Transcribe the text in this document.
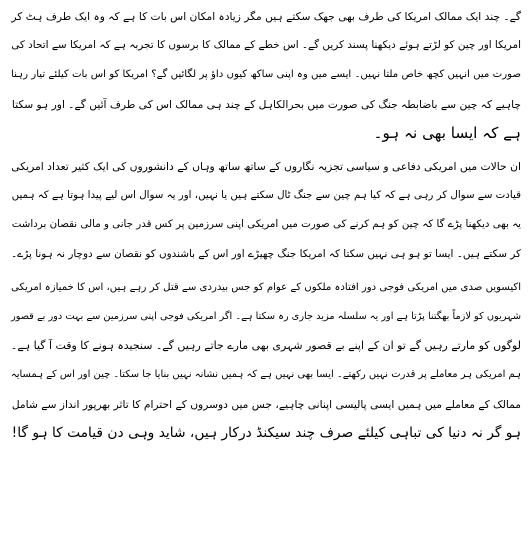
گے۔ چند ایک ممالک امریکا کی طرف بھی جھک سکتے ہیں مگر زیادہ امکان اس بات کا ہے کہ وہ ایک طرف ہٹ کر
امریکا اور چین کو لڑتے ہوئے دیکھنا پسند کریں گے۔ اس خطے کے ممالک کا برسوں کا تجربہ ہے کہ امریکا سے اتحاد کی
صورت میں انہیں کچھ خاص ملتا نہیں۔ ایسے میں وہ اپنی ساکھ کیوں داؤ پر لگائیں گے؟ امریکا کو اس بات کیلئے تیار رہنا
چاہیے کہ چین سے باضابطہ جنگ کی صورت میں بحرالکاہل کے چند ہی ممالک اس کی طرف آئیں گے۔ اور ہو سکتا
ہے کہ ایسا بھی نہ ہو۔
ان حالات میں امریکی دفاعی و سیاسی تجزیہ نگاروں کے ساتھ ساتھ وہاں کے دانشوروں کی ایک کثیر تعداد امریکی
قیادت سے سوال کر رہی ہے کہ کیا ہم چین سے جنگ ٹال سکتے ہیں یا نہیں، اور یہ سوال اس لیے پیدا ہوتا ہے کہ ہمیں
یہ بھی دیکھنا پڑے گا کہ چین کو ہم کرنے کی صورت میں امریکی اپنی سرزمین پر کس قدر جانی و مالی نقصان برداشت
کر سکتے ہیں۔ ایسا تو ہو ہی نہیں سکتا کہ امریکا جنگ چھیڑے اور اس کے باشندوں کو نقصان سے دوچار نہ ہونا پڑے۔
اکیسویں صدی میں امریکی فوجی دور افتادہ ملکوں کے عوام کو جس بیدردی سے قتل کر رہے ہیں، اس کا خمیازہ امریکی
شہریوں کو لازماً بھگتنا پڑتا ہے اور یہ سلسلہ مزید جاری رہ سکتا ہے۔ اگر امریکی فوجی اپنی سرزمین سے بہت دور بے قصور
لوگوں کو مارتے رہیں گے تو ان کے اپنے بے قصور شہری بھی مارے جاتے رہیں گے۔ سنجیدہ ہونے کا وقت آ گیا ہے۔
ہم امریکی ہر معاملے پر قدرت نہیں رکھتے۔ ایسا بھی نہیں ہے کہ ہمیں نشانہ نہیں بنایا جا سکتا۔ چین اور اس کے ہمسایہ
ممالک کے معاملے میں ہمیں ایسی پالیسی اپنانی چاہیے، جس میں دوسروں کے احترام کا تاثر بھرپور انداز سے شامل
ہو گر نہ دنیا کی تباہی کیلئے صرف چند سیکنڈ درکار ہیں، شاید وہی دن قیامت کا ہو گا!
